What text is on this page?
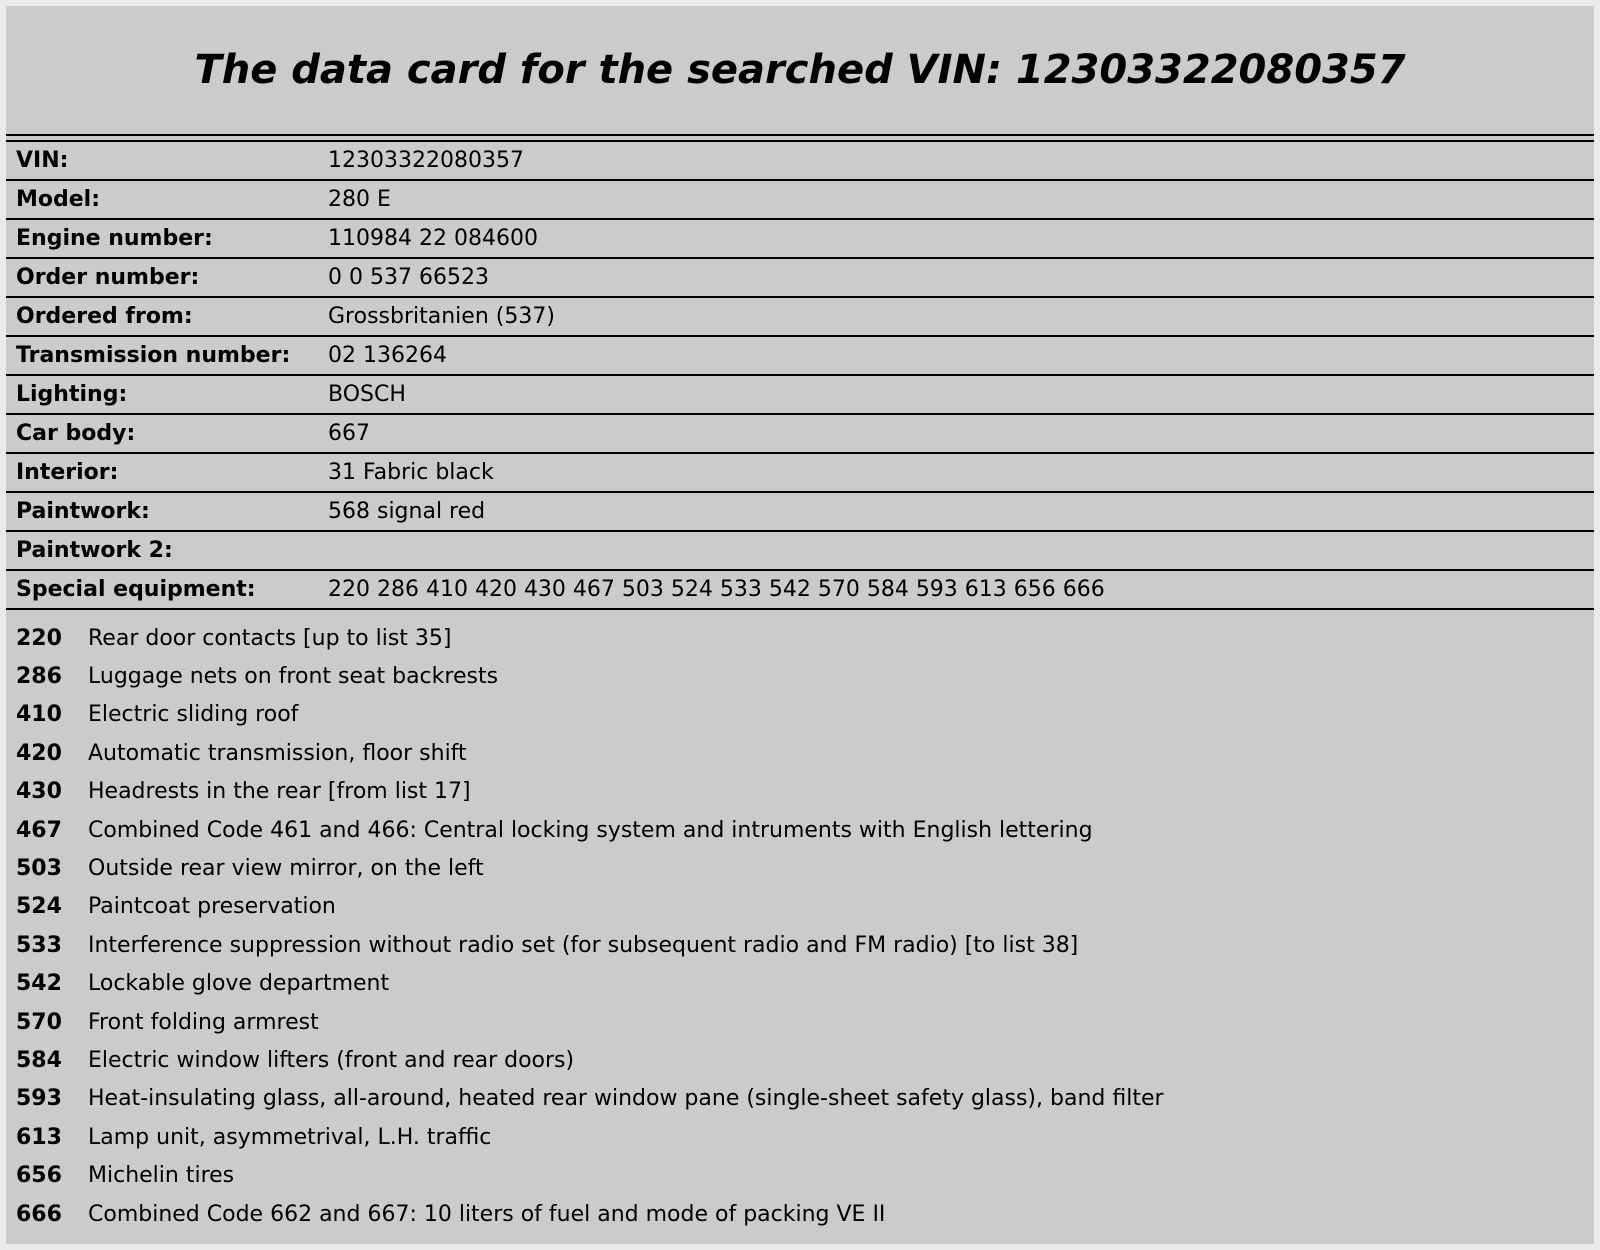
The data card for the searched VIN: 12303322080357
VIN:	12303322080357
Model:	280 E
Engine number:	110984 22 084600
Order number:	0 0 537 66523
Ordered from:	Grossbritanien (537)
Transmission number:	02 136264
Lighting:	BOSCH
Car body:	667
Interior:	31 Fabric black
Paintwork:	568 signal red
Paintwork 2:	
Special equipment:	220 286 410 420 430 467 503 524 533 542 570 584 593 613 656 666
220	Rear door contacts [up to list 35]
286	Luggage nets on front seat backrests
410	Electric sliding roof
420	Automatic transmission, floor shift
430	Headrests in the rear [from list 17]
467	Combined Code 461 and 466: Central locking system and intruments with English lettering
503	Outside rear view mirror, on the left
524	Paintcoat preservation
533	Interference suppression without radio set (for subsequent radio and FM radio) [to list 38]
542	Lockable glove department
570	Front folding armrest
584	Electric window lifters (front and rear doors)
593	Heat-insulating glass, all-around, heated rear window pane (single-sheet safety glass), band filter
613	Lamp unit, asymmetrival, L.H. traffic
656	Michelin tires
666	Combined Code 662 and 667: 10 liters of fuel and mode of packing VE II
